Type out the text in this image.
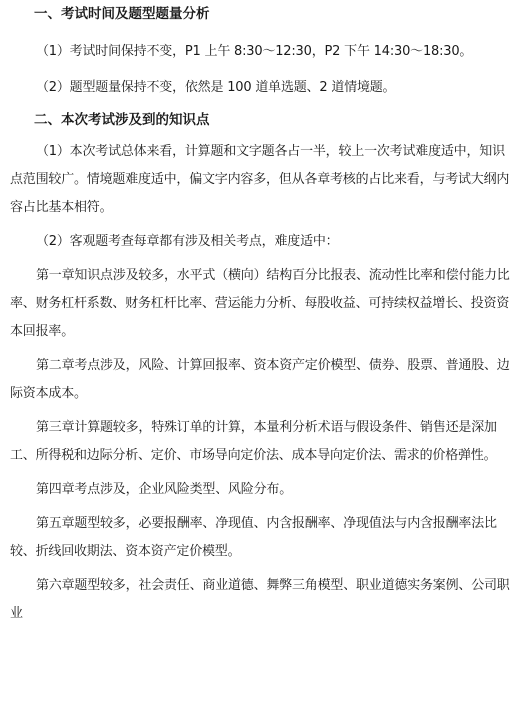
一、考试时间及题型题量分析

（1）考试时间保持不变，P1 上午 8:30～12:30，P2 下午 14:30～18:30。

（2）题型题量保持不变，依然是 100 道单选题、2 道情境题。

二、本次考试涉及到的知识点

（1）本次考试总体来看，计算题和文字题各占一半，较上一次考试难度适中，知识点范围较广。情境题难度适中，偏文字内容多，但从各章考核的占比来看，与考试大纲内容占比基本相符。

（2）客观题考查每章都有涉及相关考点，难度适中：

第一章知识点涉及较多，水平式（横向）结构百分比报表、流动性比率和偿付能力比率、财务杠杆系数、财务杠杆比率、营运能力分析、每股收益、可持续权益增长、投资资本回报率。

第二章考点涉及，风险、计算回报率、资本资产定价模型、债券、股票、普通股、边际资本成本。

第三章计算题较多，特殊订单的计算，本量利分析术语与假设条件、销售还是深加工、所得税和边际分析、定价、市场导向定价法、成本导向定价法、需求的价格弹性。

第四章考点涉及，企业风险类型、风险分布。

第五章题型较多，必要报酬率、净现值、内含报酬率、净现值法与内含报酬率法比较、折线回收期法、资本资产定价模型。

第六章题型较多，社会责任、商业道德、舞弊三角模型、职业道德实务案例、公司职业
